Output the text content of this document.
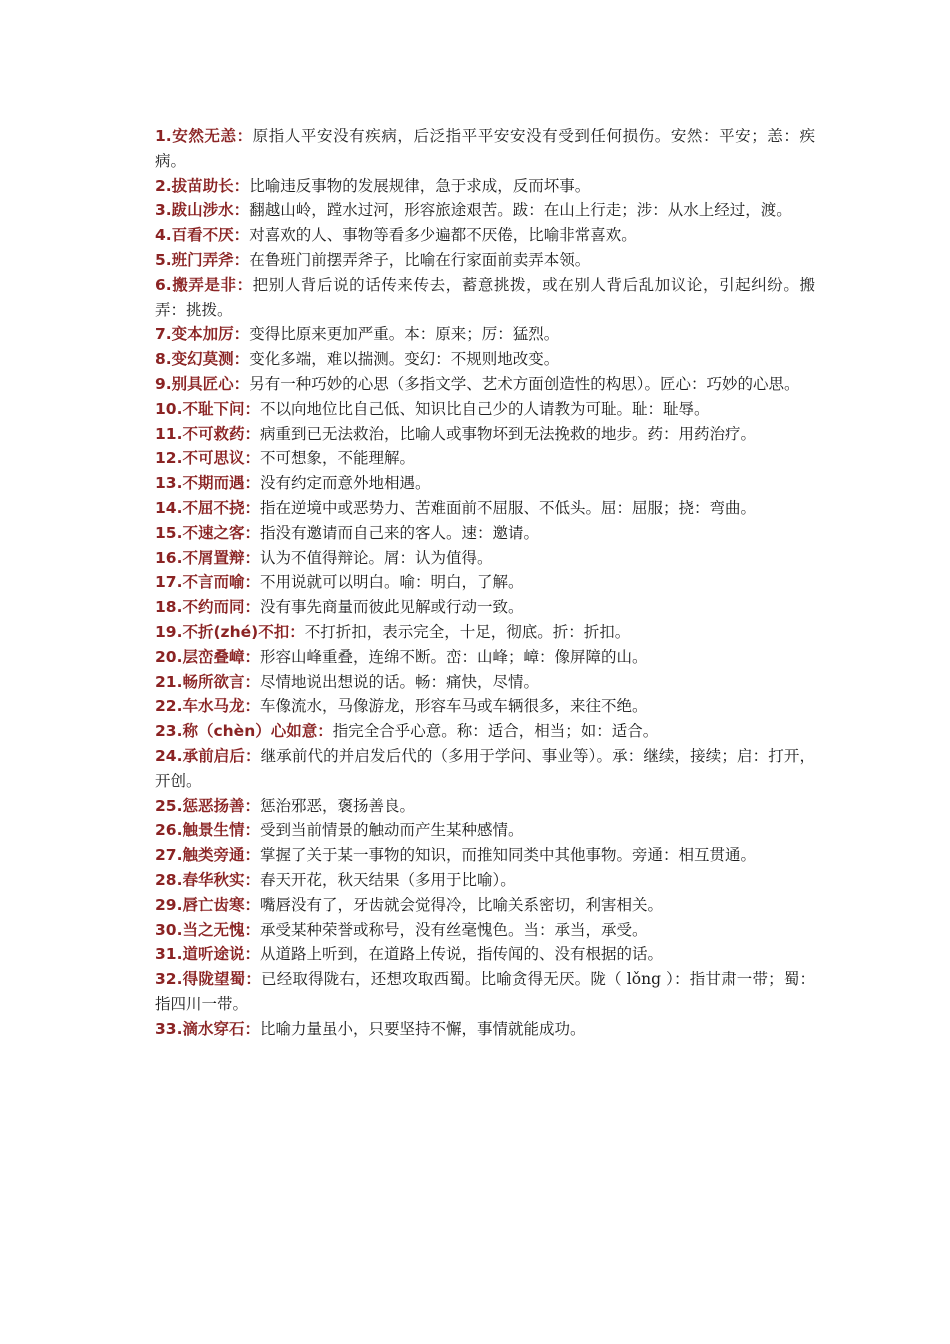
1.安然无恙：原指人平安没有疾病，后泛指平平安安没有受到任何损伤。安然：平安；恙：疾病。

2.拔苗助长：比喻违反事物的发展规律，急于求成，反而坏事。

3.跋山涉水：翻越山岭，蹚水过河，形容旅途艰苦。跋：在山上行走；涉：从水上经过，渡。

4.百看不厌：对喜欢的人、事物等看多少遍都不厌倦，比喻非常喜欢。

5.班门弄斧：在鲁班门前摆弄斧子，比喻在行家面前卖弄本领。

6.搬弄是非：把别人背后说的话传来传去，蓄意挑拨，或在别人背后乱加议论，引起纠纷。搬弄：挑拨。

7.变本加厉：变得比原来更加严重。本：原来；厉：猛烈。

8.变幻莫测：变化多端，难以揣测。变幻：不规则地改变。

9.别具匠心：另有一种巧妙的心思（多指文学、艺术方面创造性的构思）。匠心：巧妙的心思。

10.不耻下问：不以向地位比自己低、知识比自己少的人请教为可耻。耻：耻辱。

11.不可救药：病重到已无法救治，比喻人或事物坏到无法挽救的地步。药：用药治疗。

12.不可思议：不可想象，不能理解。

13.不期而遇：没有约定而意外地相遇。

14.不屈不挠：指在逆境中或恶势力、苦难面前不屈服、不低头。屈：屈服；挠：弯曲。

15.不速之客：指没有邀请而自己来的客人。速：邀请。

16.不屑置辩：认为不值得辩论。屑：认为值得。

17.不言而喻：不用说就可以明白。喻：明白，了解。

18.不约而同：没有事先商量而彼此见解或行动一致。

19.不折(zhé)不扣：不打折扣，表示完全，十足，彻底。折：折扣。

20.层峦叠嶂：形容山峰重叠，连绵不断。峦：山峰；嶂：像屏障的山。

21.畅所欲言：尽情地说出想说的话。畅：痛快，尽情。

22.车水马龙：车像流水，马像游龙，形容车马或车辆很多，来往不绝。

23.称（chèn）心如意：指完全合乎心意。称：适合，相当；如：适合。

24.承前启后：继承前代的并启发后代的（多用于学问、事业等）。承：继续，接续；启：打开，开创。

25.惩恶扬善：惩治邪恶，褒扬善良。

26.触景生情：受到当前情景的触动而产生某种感情。

27.触类旁通：掌握了关于某一事物的知识，而推知同类中其他事物。旁通：相互贯通。

28.春华秋实：春天开花，秋天结果（多用于比喻）。

29.唇亡齿寒：嘴唇没有了，牙齿就会觉得冷，比喻关系密切，利害相关。

30.当之无愧：承受某种荣誉或称号，没有丝毫愧色。当：承当，承受。

31.道听途说：从道路上听到，在道路上传说，指传闻的、没有根据的话。

32.得陇望蜀：已经取得陇右，还想攻取西蜀。比喻贪得无厌。陇（ lǒng ）：指甘肃一带；蜀：指四川一带。

33.滴水穿石：比喻力量虽小，只要坚持不懈，事情就能成功。
